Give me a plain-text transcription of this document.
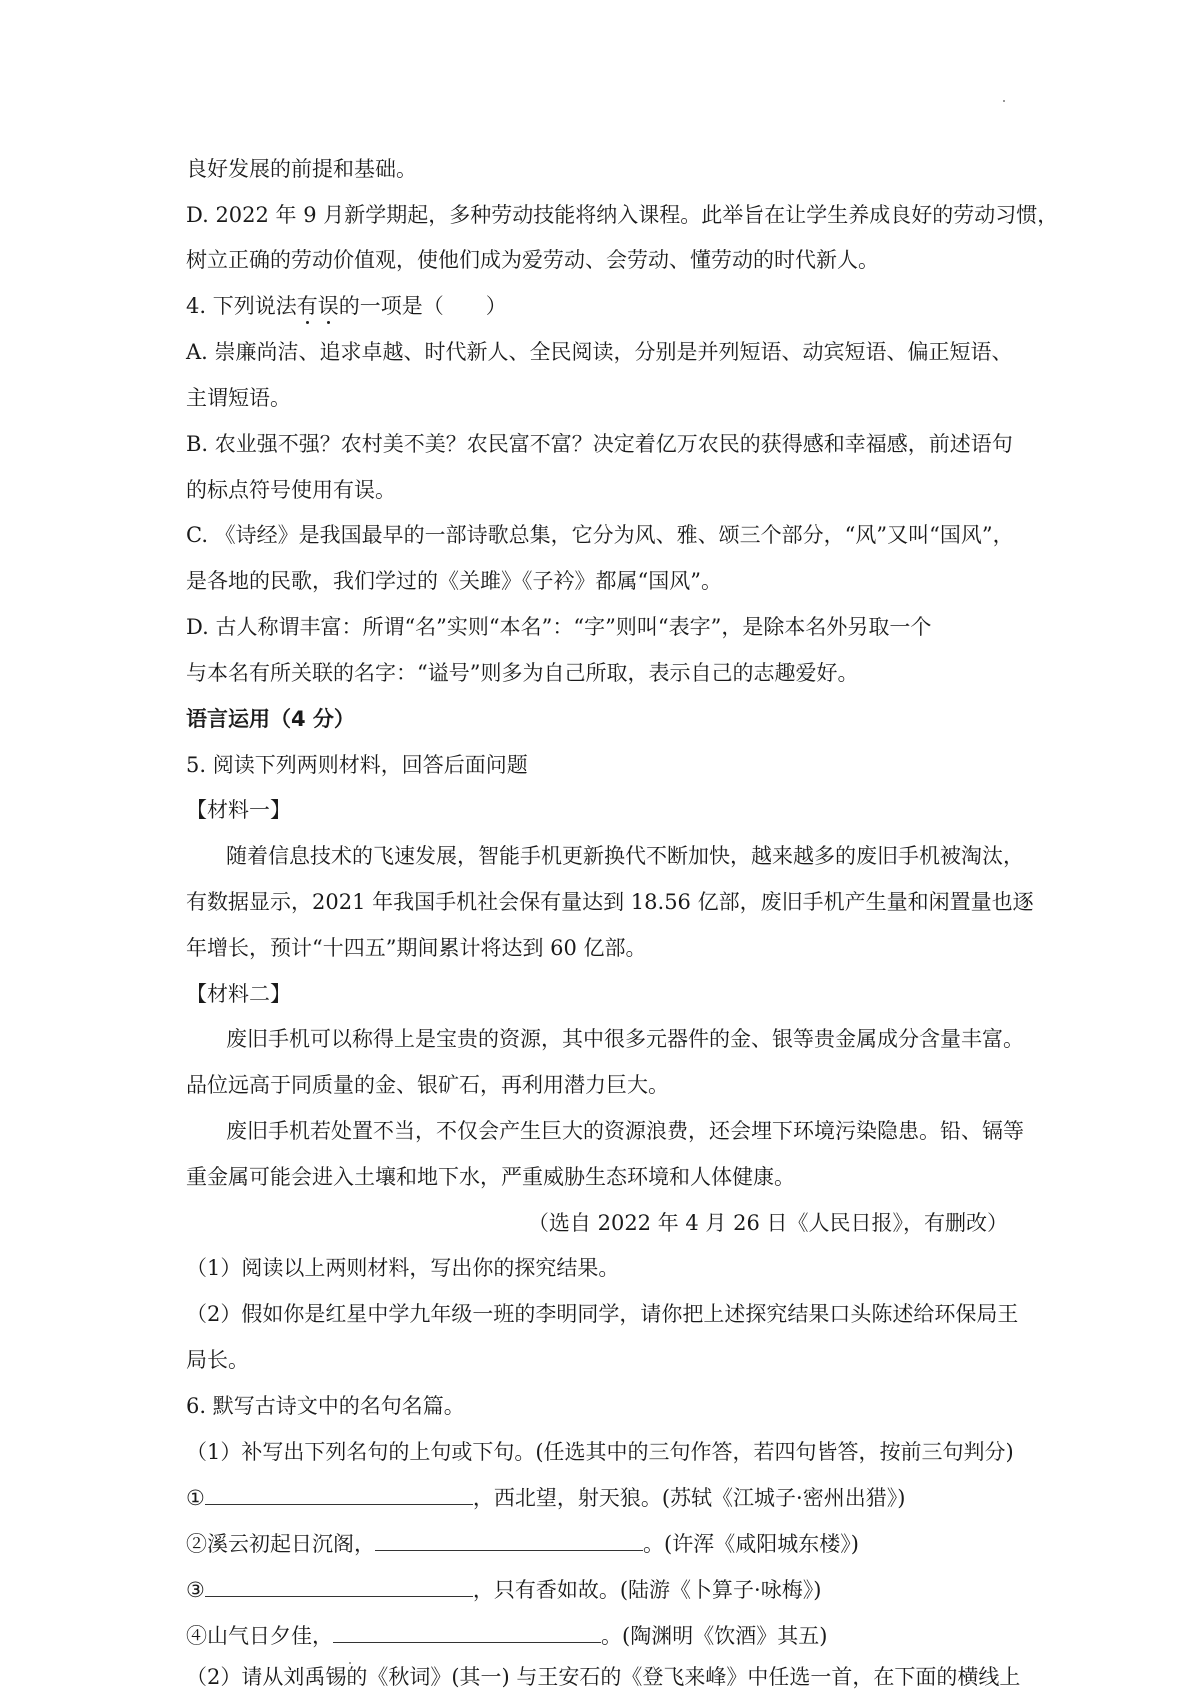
良好发展的前提和基础。
D. 2022 年 9 月新学期起，多种劳动技能将纳入课程。此举旨在让学生养成良好的劳动习惯，
树立正确的劳动价值观，使他们成为爱劳动、会劳动、懂劳动的时代新人。
4. 下列说法有误的一项是（　　）
A. 崇廉尚洁、追求卓越、时代新人、全民阅读，分别是并列短语、动宾短语、偏正短语、
主谓短语。
B. 农业强不强？农村美不美？农民富不富？决定着亿万农民的获得感和幸福感，前述语句
的标点符号使用有误。
C. 《诗经》是我国最早的一部诗歌总集，它分为风、雅、颂三个部分，“风”又叫“国风”，
是各地的民歌，我们学过的《关雎》《子衿》都属“国风”。
D. 古人称谓丰富：所谓“名”实则“本名”：“字”则叫“表字”，是除本名外另取一个
与本名有所关联的名字：“谥号”则多为自己所取，表示自己的志趣爱好。
语言运用（4 分）
5. 阅读下列两则材料，回答后面问题
【材料一】
随着信息技术的飞速发展，智能手机更新换代不断加快，越来越多的废旧手机被淘汰，
有数据显示，2021 年我国手机社会保有量达到 18.56 亿部，废旧手机产生量和闲置量也逐
年增长，预计“十四五”期间累计将达到 60 亿部。
【材料二】
废旧手机可以称得上是宝贵的资源，其中很多元器件的金、银等贵金属成分含量丰富。
品位远高于同质量的金、银矿石，再利用潜力巨大。
废旧手机若处置不当，不仅会产生巨大的资源浪费，还会埋下环境污染隐患。铅、镉等
重金属可能会进入土壤和地下水，严重威胁生态环境和人体健康。
（选自 2022 年 4 月 26 日《人民日报》，有删改）
（1）阅读以上两则材料，写出你的探究结果。
（2）假如你是红星中学九年级一班的李明同学，请你把上述探究结果口头陈述给环保局王
局长。
6. 默写古诗文中的名句名篇。
（1）补写出下列名句的上句或下句。(任选其中的三句作答，若四句皆答，按前三句判分)
①	，西北望，射天狼。(苏轼《江城子·密州出猎》)
②溪云初起日沉阁，	。(许浑《咸阳城东楼》)
③	，只有香如故。(陆游《卜算子·咏梅》)
④山气日夕佳，	。(陶渊明《饮酒》其五)
（2）请从刘禹锡的《秋词》(其一) 与王安石的《登飞来峰》中任选一首，在下面的横线上
